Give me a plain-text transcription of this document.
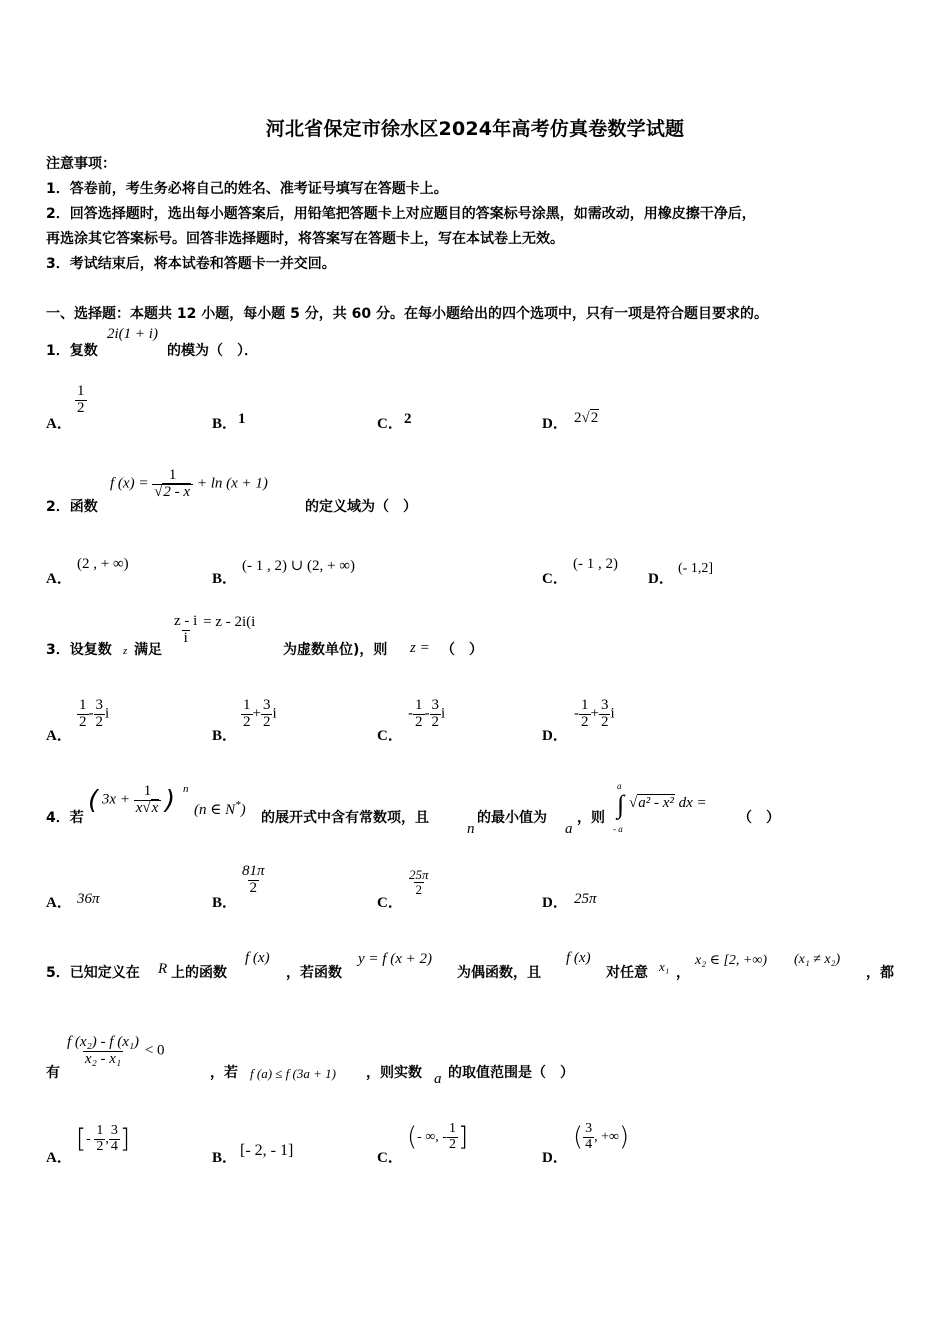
河北省保定市徐水区2024年高考仿真卷数学试题
注意事项：
1．答卷前，考生务必将自己的姓名、准考证号填写在答题卡上。
2．回答选择题时，选出每小题答案后，用铅笔把答题卡上对应题目的答案标号涂黑，如需改动，用橡皮擦干净后，
再选涂其它答案标号。回答非选择题时，将答案写在答题卡上，写在本试卷上无效。
3．考试结束后，将本试卷和答题卡一并交回。
一、选择题：本题共 12 小题，每小题 5 分，共 60 分。在每小题给出的四个选项中，只有一项是符合题目要求的。
1．复数
2i(1 + i)
的模为（　）．
A．
$\frac{1}{2}$
B． 1	C． 2	D． 2√2
2．函数
f $(x) = \frac{1}{√2 - x} + \ln (x + 1)$
的定义域为（　）
A．
(2 , + ∞)
B．
(- 1 , 2) ∪ (2, + ∞)
C．
(- 1 , 2)
D．
(- 1,2]
3．设复数 z 满足
$\frac{z - i}{i} = z - 2i(i$
为虚数单位)，则 z = （　）
A．
$\frac{1}{2} - \frac{3}{2}$ i
B．
$\frac{1}{2} + \frac{3}{2}$ i
C．
- $\frac{1}{2} - \frac{3}{2}$ i
D．
- $\frac{1}{2} + \frac{3}{2}$ i
4．若
( $3x + \frac{1}{x√x}$ ) n
(n ∈ N*) 的展开式中含有常数项，且
n
的最小值为
a
，则
a
∫
- a
√a² - x² dx =
（　）
A． 36π	B．
$\frac{81\pi}{2}$
C．
$\frac{25\pi}{2}$
D． 25π
5．已知定义在 R 上的函数
f (x)
，若函数
y = f (x + 2)
为偶函数，且
f (x)
对任意 x₁ ，
x₂ ∈ [2, +∞) (x₁ ≠ x₂)
，都
有
$\frac{\text{f (x₂) - f (x₁)}}{\text{x₂ - x₁}} < 0$
，若 f (a) ≤ f (3a + 1) ，则实数 a 的取值范围是（　）
A．
[- $\frac{1}{2}$ , $\frac{3}{4}$ ]
B． [- 2, - 1]	C．
(- ∞, - $\frac{1}{2}$ ]
D．
( $\frac{3}{4}$ , +∞)
